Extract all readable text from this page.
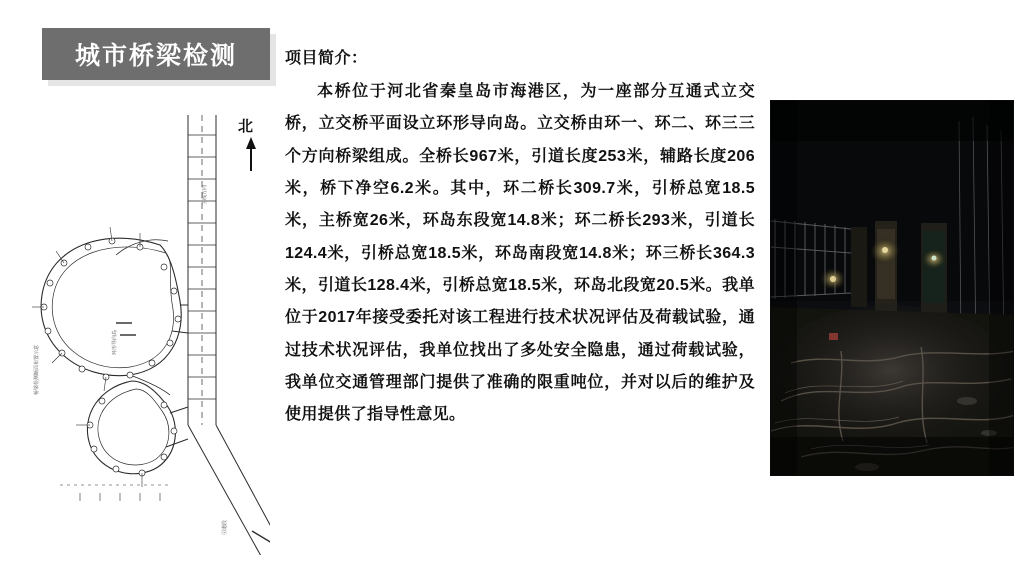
城市桥梁检测
桥梁检测断面布置示意
引道段
主线方向
环形导向岛
北
项目简介：
本桥位于河北省秦皇岛市海港区，为一座部分互通式立交桥，立交桥平面设立环形导向岛。立交桥由环一、环二、环三三个方向桥梁组成。全桥长967米，引道长度253米，辅路长度206米，桥下净空6.2米。其中，环二桥长309.7米，引桥总宽18.5米，主桥宽26米，环岛东段宽14.8米；环二桥长293米，引道长124.4米，引桥总宽18.5米，环岛南段宽14.8米；环三桥长364.3米，引道长128.4米，引桥总宽18.5米，环岛北段宽20.5米。我单位于2017年接受委托对该工程进行技术状况评估及荷载试验，通过技术状况评估，我单位找出了多处安全隐患，通过荷载试验，我单位交通管理部门提供了准确的限重吨位，并对以后的维护及使用提供了指导性意见。
